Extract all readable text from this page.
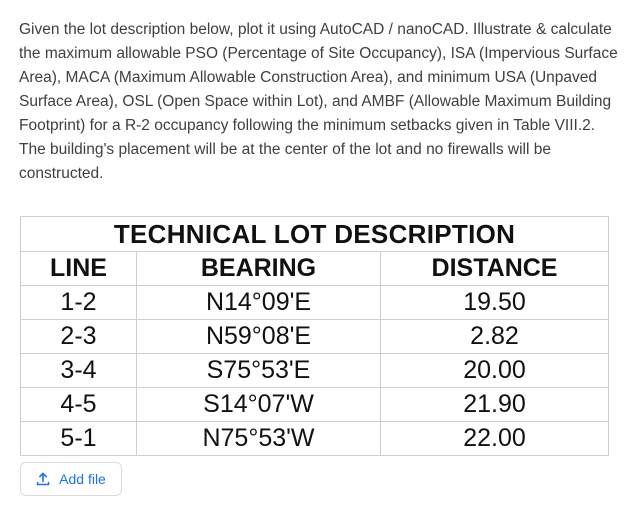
Given the lot description below, plot it using AutoCAD / nanoCAD. Illustrate & calculate the maximum allowable PSO (Percentage of Site Occupancy), ISA (Impervious Surface Area), MACA (Maximum Allowable Construction Area), and minimum USA (Unpaved Surface Area), OSL (Open Space within Lot), and AMBF (Allowable Maximum Building Footprint) for a R-2 occupancy following the minimum setbacks given in Table VIII.2. The building's placement will be at the center of the lot and no firewalls will be constructed.

TECHNICAL LOT DESCRIPTION		
LINE	BEARING	DISTANCE
1-2	N14°09'E	19.50
2-3	N59°08'E	2.82
3-4	S75°53'E	20.00
4-5	S14°07'W	21.90
5-1	N75°53'W	22.00
Add file
